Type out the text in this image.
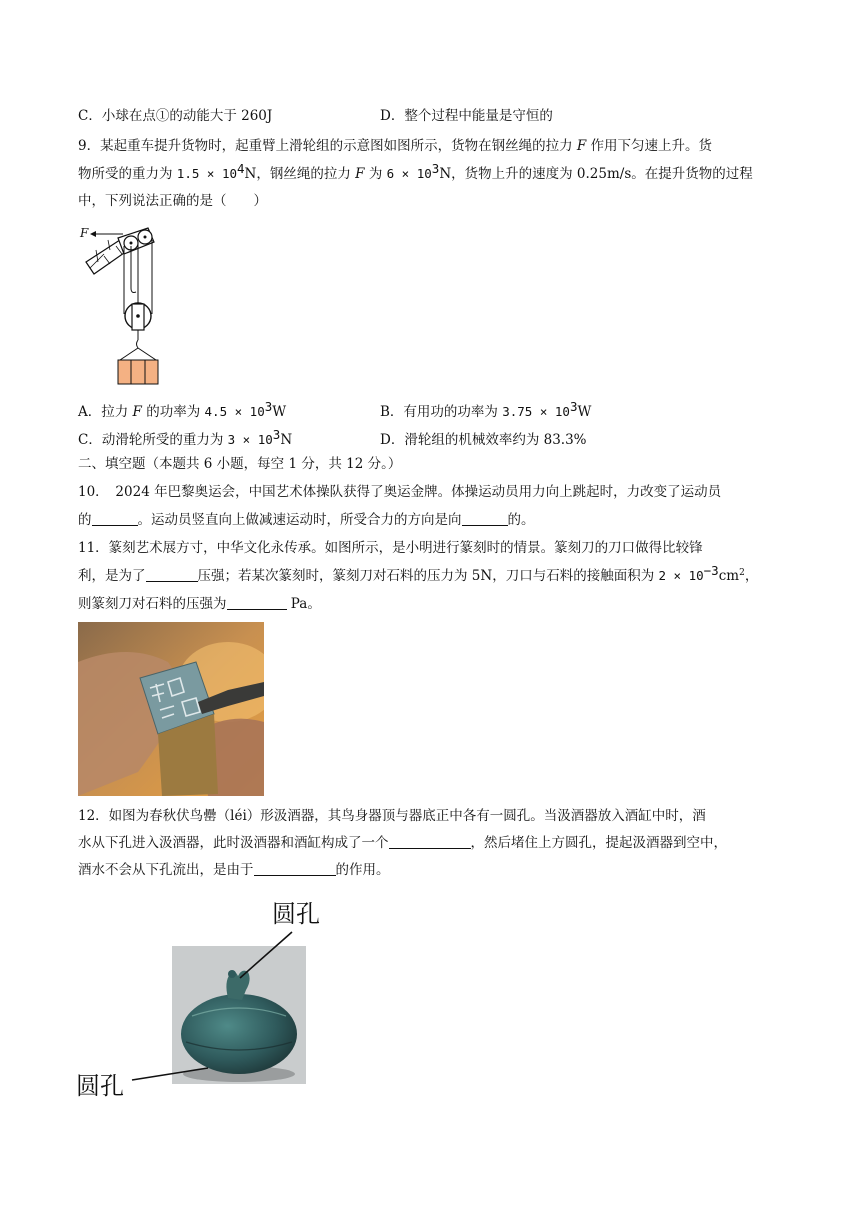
C．小球在点①的动能大于 260J	D．整个过程中能量是守恒的
9．某起重车提升货物时，起重臂上滑轮组的示意图如图所示，货物在钢丝绳的拉力 F 作用下匀速上升。货
物所受的重力为 $1.5 \times 10^4N$，钢丝绳的拉力 F 为 $6 \times 10^3N$，货物上升的速度为 0.25m/s。在提升货物的过程
中，下列说法正确的是（　　）
F
A．拉力 F 的功率为 $4.5 \times 10^3W$	B．有用功的功率为 $3.75 \times 10^3W$
C．动滑轮所受的重力为 $3 \times 10^3N$	D．滑轮组的机械效率约为 83.3%
二、填空题（本题共 6 小题，每空 1 分，共 12 分。）
10．　2024 年巴黎奥运会，中国艺术体操队获得了奥运金牌。体操运动员用力向上跳起时，力改变了运动员
的	。运动员竖直向上做减速运动时，所受合力的方向是向	的。
11．篆刻艺术展方寸，中华文化永传承。如图所示，是小明进行篆刻时的情景。篆刻刀的刀口做得比较锋
利，是为了	压强；若某次篆刻时，篆刻刀对石料的压力为 5N，刀口与石料的接触面积为 $2 \times 10^{-3}cm^2$，
则篆刻刀对石料的压强为	Pa。
12．如图为春秋伏鸟罍（léi）形汲酒器，其鸟身器顶与器底正中各有一圆孔。当汲酒器放入酒缸中时，酒
水从下孔进入汲酒器，此时汲酒器和酒缸构成了一个	，然后堵住上方圆孔，提起汲酒器到空中，
酒水不会从下孔流出，是由于	的作用。
圆孔
圆孔
